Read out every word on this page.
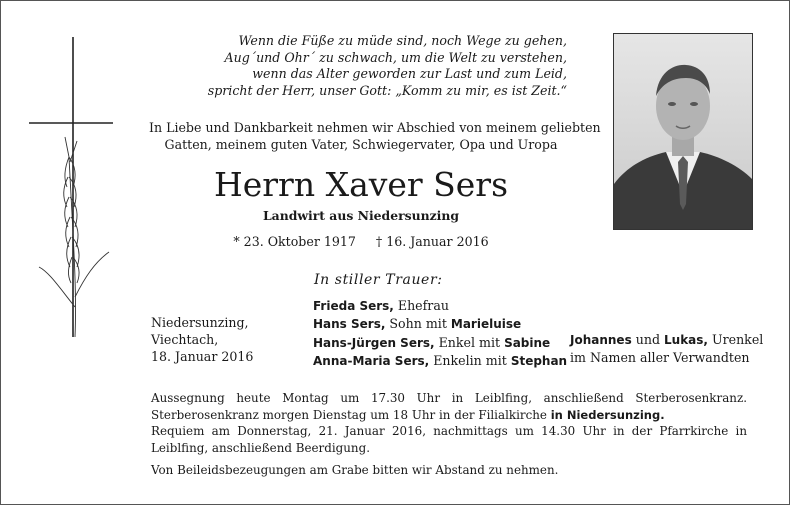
Wenn die Füße zu müde sind, noch Wege zu gehen,
Aug´und Ohr´ zu schwach, um die Welt zu verstehen,
wenn das Alter geworden zur Last und zum Leid,
spricht der Herr, unser Gott: „Komm zu mir, es ist Zeit.“
In Liebe und Dankbarkeit nehmen wir Abschied von meinem geliebten
Gatten, meinem guten Vater, Schwiegervater, Opa und Uropa
Herrn Xaver Sers
Landwirt aus Niedersunzing
* 23. Oktober 1917 † 16. Januar 2016
In stiller Trauer:
Niedersunzing,
Viechtach,
18. Januar 2016
Frieda Sers, Ehefrau
Hans Sers, Sohn mit Marieluise
Hans-Jürgen Sers, Enkel mit Sabine
Anna-Maria Sers, Enkelin mit Stephan
Johannes und Lukas, Urenkel
im Namen aller Verwandten

Aussegnung heute Montag um 17.30 Uhr in Leiblfing, anschließend Sterberosenkranz. Sterberosenkranz morgen Dienstag um 18 Uhr in der Filialkirche in Niedersunzing.

Requiem am Donnerstag, 21. Januar 2016, nachmittags um 14.30 Uhr in der Pfarrkirche in Leiblfing, anschließend Beerdigung.

Von Beileidsbezeugungen am Grabe bitten wir Abstand zu nehmen.
